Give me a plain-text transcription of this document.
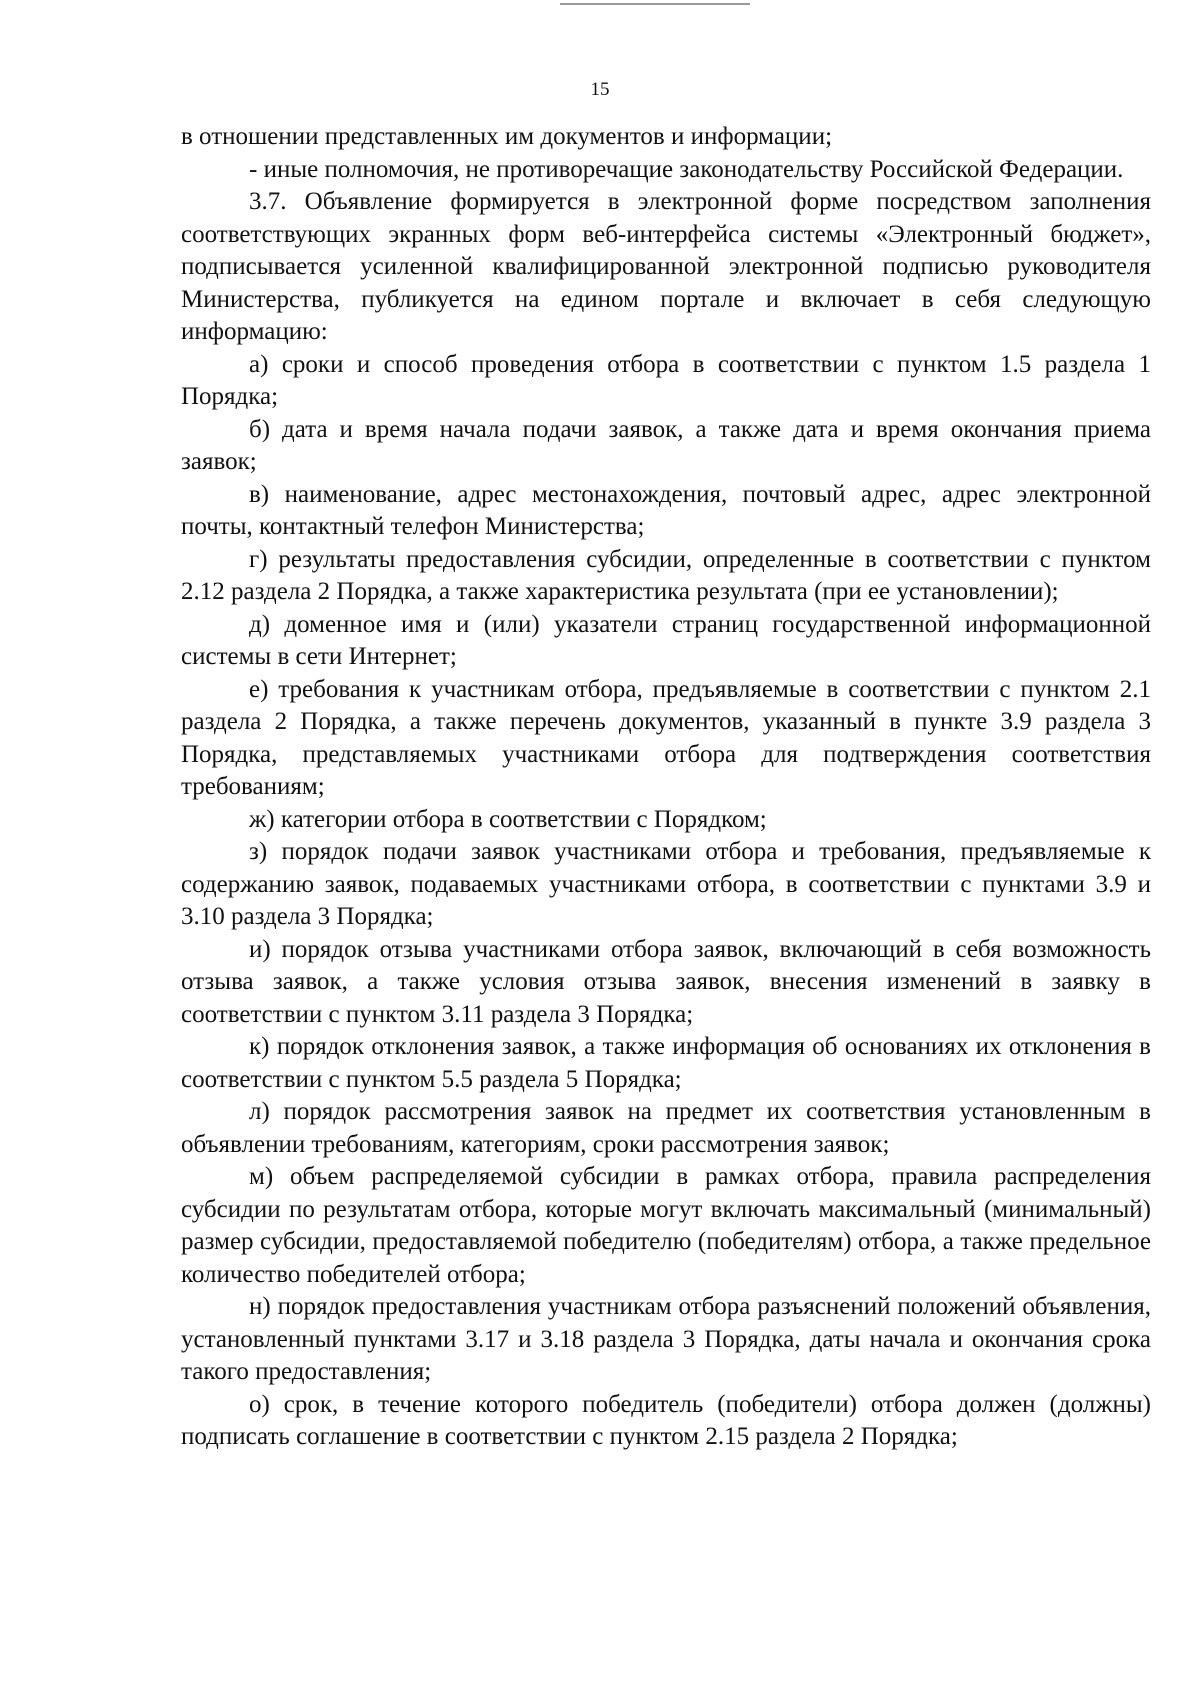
15

в отношении представленных им документов и информации;

- иные полномочия, не противоречащие законодательству Российской Федерации.

3.7. Объявление формируется в электронной форме посредством заполнения соответствующих экранных форм веб-интерфейса системы «Электронный бюджет», подписывается усиленной квалифицированной электронной подписью руководителя Министерства, публикуется на едином портале и включает в себя следующую информацию:

а) сроки и способ проведения отбора в соответствии с пунктом 1.5 раздела 1 Порядка;

б) дата и время начала подачи заявок, а также дата и время окончания приема заявок;

в) наименование, адрес местонахождения, почтовый адрес, адрес электронной почты, контактный телефон Министерства;

г) результаты предоставления субсидии, определенные в соответствии с пунктом 2.12 раздела 2 Порядка, а также характеристика результата (при ее установлении);

д) доменное имя и (или) указатели страниц государственной информационной системы в сети Интернет;

е) требования к участникам отбора, предъявляемые в соответствии с пунктом 2.1 раздела 2 Порядка, а также перечень документов, указанный в пункте 3.9 раздела 3 Порядка, представляемых участниками отбора для подтверждения соответствия требованиям;

ж) категории отбора в соответствии с Порядком;

з) порядок подачи заявок участниками отбора и требования, предъявляемые к содержанию заявок, подаваемых участниками отбора, в соответствии с пунктами 3.9 и 3.10 раздела 3 Порядка;

и) порядок отзыва участниками отбора заявок, включающий в себя возможность отзыва заявок, а также условия отзыва заявок, внесения изменений в заявку в соответствии с пунктом 3.11 раздела 3 Порядка;

к) порядок отклонения заявок, а также информация об основаниях их отклонения в соответствии с пунктом 5.5 раздела 5 Порядка;

л) порядок рассмотрения заявок на предмет их соответствия установленным в объявлении требованиям, категориям, сроки рассмотрения заявок;

м) объем распределяемой субсидии в рамках отбора, правила распределения субсидии по результатам отбора, которые могут включать максимальный (минимальный) размер субсидии, предоставляемой победителю (победителям) отбора, а также предельное количество победителей отбора;

н) порядок предоставления участникам отбора разъяснений положений объявления, установленный пунктами 3.17 и 3.18 раздела 3 Порядка, даты начала и окончания срока такого предоставления;

о) срок, в течение которого победитель (победители) отбора должен (должны) подписать соглашение в соответствии с пунктом 2.15 раздела 2 Порядка;
